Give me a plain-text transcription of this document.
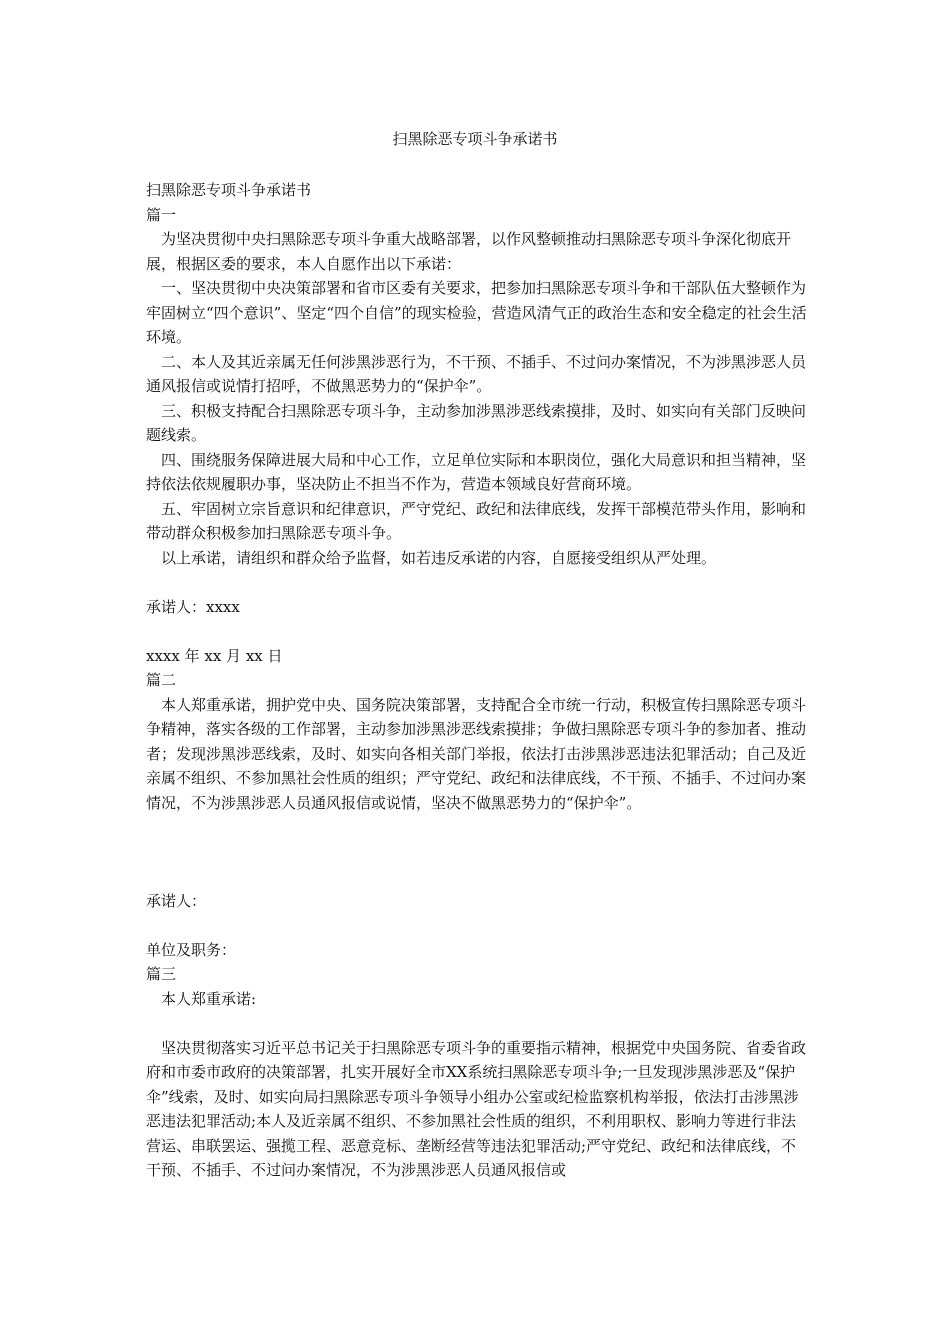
扫黑除恶专项斗争承诺书

扫黑除恶专项斗争承诺书

篇一

为坚决贯彻中央扫黑除恶专项斗争重大战略部署，以作风整顿推动扫黑除恶专项斗争深化彻底开展，根据区委的要求，本人自愿作出以下承诺：

一、坚决贯彻中央决策部署和省市区委有关要求，把参加扫黑除恶专项斗争和干部队伍大整顿作为牢固树立“四个意识”、坚定“四个自信”的现实检验，营造风清气正的政治生态和安全稳定的社会生活环境。

二、本人及其近亲属无任何涉黑涉恶行为，不干预、不插手、不过问办案情况，不为涉黑涉恶人员通风报信或说情打招呼，不做黑恶势力的“保护伞”。

三、积极支持配合扫黑除恶专项斗争，主动参加涉黑涉恶线索摸排，及时、如实向有关部门反映问题线索。

四、围绕服务保障进展大局和中心工作，立足单位实际和本职岗位，强化大局意识和担当精神，坚持依法依规履职办事，坚决防止不担当不作为，营造本领域良好营商环境。

五、牢固树立宗旨意识和纪律意识，严守党纪、政纪和法律底线，发挥干部模范带头作用，影响和带动群众积极参加扫黑除恶专项斗争。

以上承诺，请组织和群众给予监督，如若违反承诺的内容，自愿接受组织从严处理。

承诺人：xxxx

xxxx 年 xx 月 xx 日

篇二

本人郑重承诺，拥护党中央、国务院决策部署，支持配合全市统一行动，积极宣传扫黑除恶专项斗争精神，落实各级的工作部署，主动参加涉黑涉恶线索摸排；争做扫黑除恶专项斗争的参加者、推动者；发现涉黑涉恶线索，及时、如实向各相关部门举报，依法打击涉黑涉恶违法犯罪活动；自己及近亲属不组织、不参加黑社会性质的组织；严守党纪、政纪和法律底线，不干预、不插手、不过问办案情况，不为涉黑涉恶人员通风报信或说情，坚决不做黑恶势力的“保护伞”。

承诺人：

单位及职务：

篇三

本人郑重承诺:

坚决贯彻落实习近平总书记关于扫黑除恶专项斗争的重要指示精神，根据党中央国务院、省委省政府和市委市政府的决策部署，扎实开展好全市XX系统扫黑除恶专项斗争;一旦发现涉黑涉恶及“保护伞”线索，及时、如实向局扫黑除恶专项斗争领导小组办公室或纪检监察机构举报，依法打击涉黑涉恶违法犯罪活动;本人及近亲属不组织、不参加黑社会性质的组织，不利用职权、影响力等进行非法营运、串联罢运、强揽工程、恶意竞标、垄断经营等违法犯罪活动;严守党纪、政纪和法律底线，不干预、不插手、不过问办案情况，不为涉黑涉恶人员通风报信或
